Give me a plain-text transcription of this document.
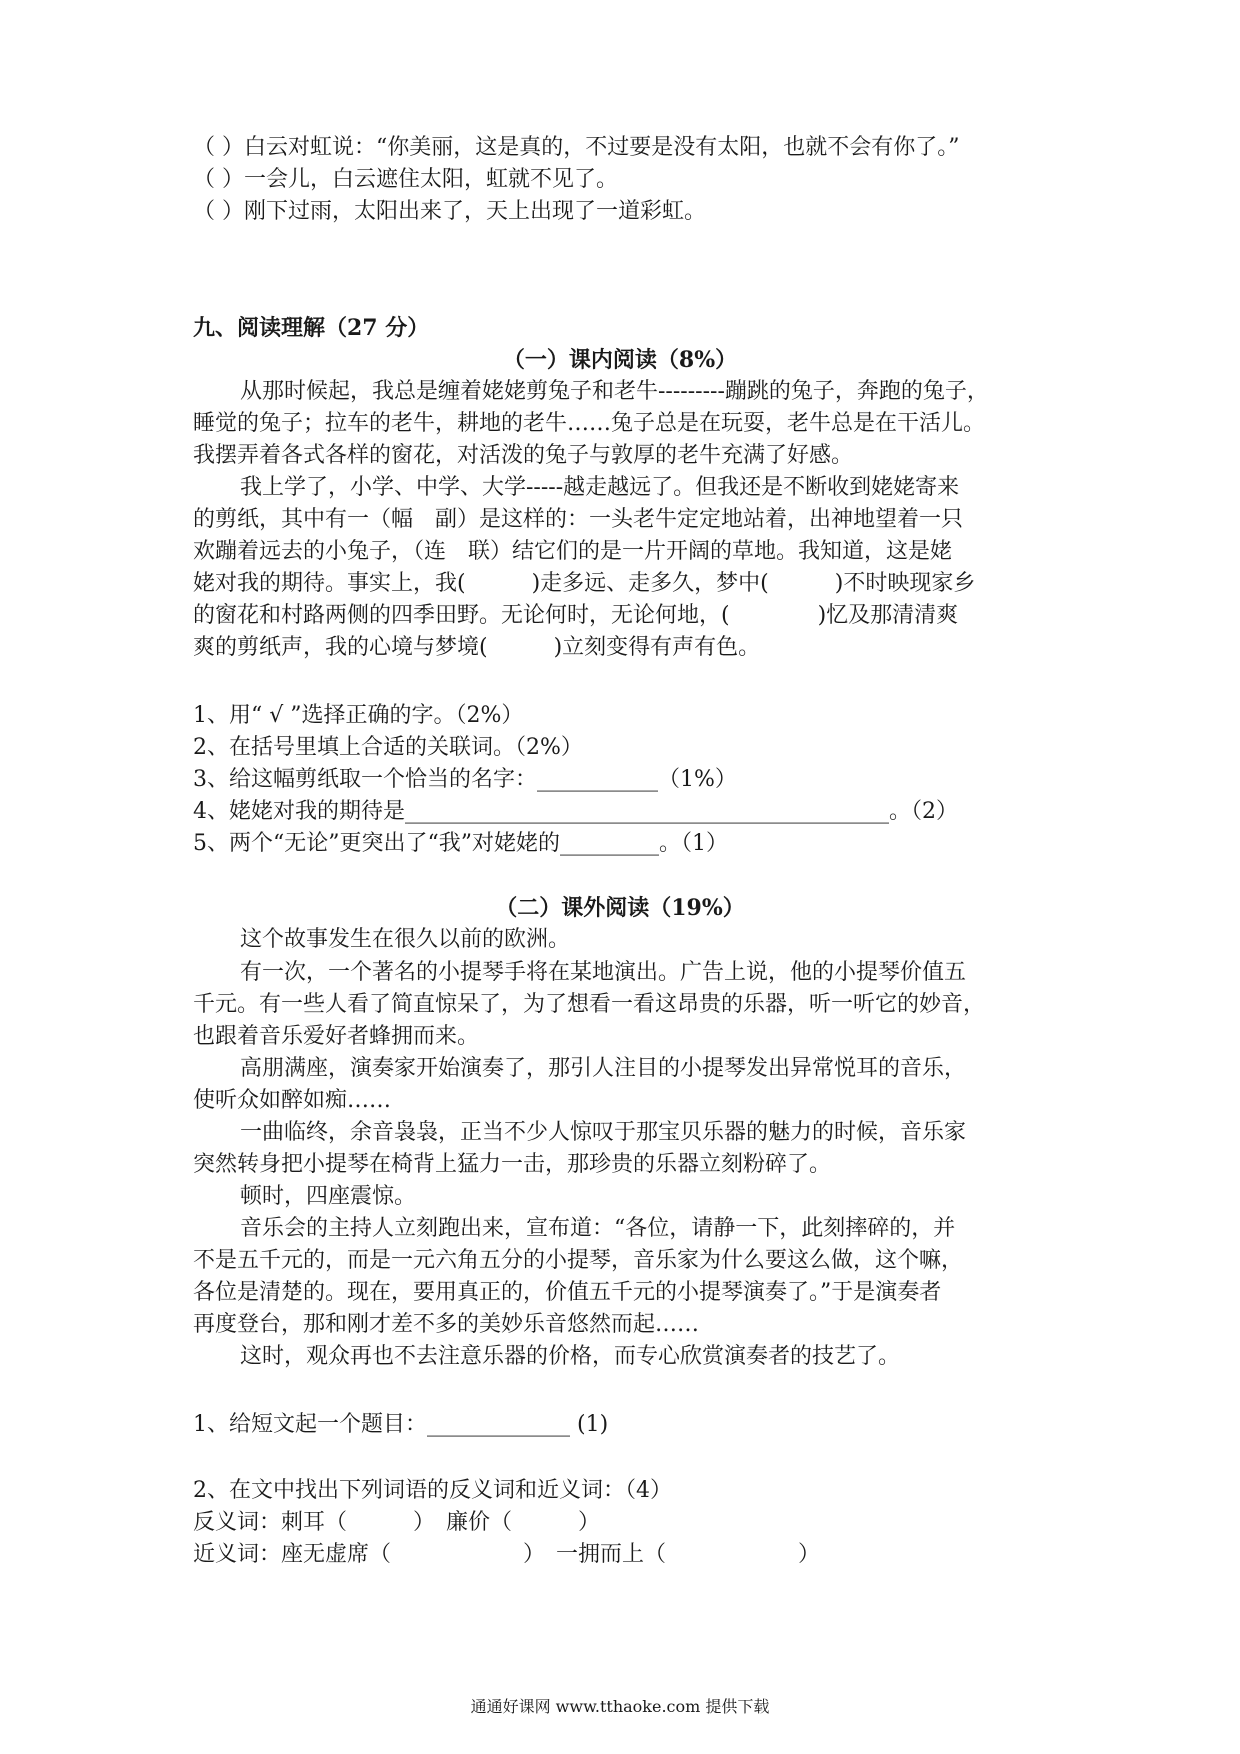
（ ）白云对虹说：“你美丽，这是真的，不过要是没有太阳，也就不会有你了。”
（ ）一会儿，白云遮住太阳，虹就不见了。
（ ）刚下过雨，太阳出来了，天上出现了一道彩虹。
九、阅读理解（27 分）
（一）课内阅读（8%）
从那时候起，我总是缠着姥姥剪兔子和老牛---------蹦跳的兔子，奔跑的兔子，
睡觉的兔子；拉车的老牛，耕地的老牛……兔子总是在玩耍，老牛总是在干活儿。
我摆弄着各式各样的窗花，对活泼的兔子与敦厚的老牛充满了好感。
我上学了，小学、中学、大学-----越走越远了。但我还是不断收到姥姥寄来
的剪纸，其中有一（幅　副）是这样的：一头老牛定定地站着，出神地望着一只
欢蹦着远去的小兔子，（连　联）结它们的是一片开阔的草地。我知道，这是姥
姥对我的期待。事实上，我(　　　)走多远、走多久，梦中(　　　)不时映现家乡
的窗花和村路两侧的四季田野。无论何时，无论何地，(　　　　)忆及那清清爽
爽的剪纸声，我的心境与梦境(　　　)立刻变得有声有色。
1、用“ √ ”选择正确的字。（2%）
2、在括号里填上合适的关联词。（2%）
3、给这幅剪纸取一个恰当的名字：___________（1%）
4、姥姥对我的期待是____________________________________________。（2）
5、两个“无论”更突出了“我”对姥姥的_________。（1）
（二）课外阅读（19%）
这个故事发生在很久以前的欧洲。
有一次，一个著名的小提琴手将在某地演出。广告上说，他的小提琴价值五
千元。有一些人看了简直惊呆了，为了想看一看这昂贵的乐器，听一听它的妙音，
也跟着音乐爱好者蜂拥而来。
高朋满座，演奏家开始演奏了，那引人注目的小提琴发出异常悦耳的音乐，
使听众如醉如痴……
一曲临终，余音袅袅，正当不少人惊叹于那宝贝乐器的魅力的时候，音乐家
突然转身把小提琴在椅背上猛力一击，那珍贵的乐器立刻粉碎了。
顿时，四座震惊。
音乐会的主持人立刻跑出来，宣布道：“各位，请静一下，此刻摔碎的，并
不是五千元的，而是一元六角五分的小提琴，音乐家为什么要这么做，这个嘛，
各位是清楚的。现在，要用真正的，价值五千元的小提琴演奏了。”于是演奏者
再度登台，那和刚才差不多的美妙乐音悠然而起……
这时，观众再也不去注意乐器的价格，而专心欣赏演奏者的技艺了。
1、给短文起一个题目：_____________ (1)
2、在文中找出下列词语的反义词和近义词：（4）
反义词：刺耳（　　　）　廉价（　　　）
近义词：座无虚席（　　　　　　）　一拥而上（　　　　　　）
通通好课网 www.tthaoke.com 提供下载
